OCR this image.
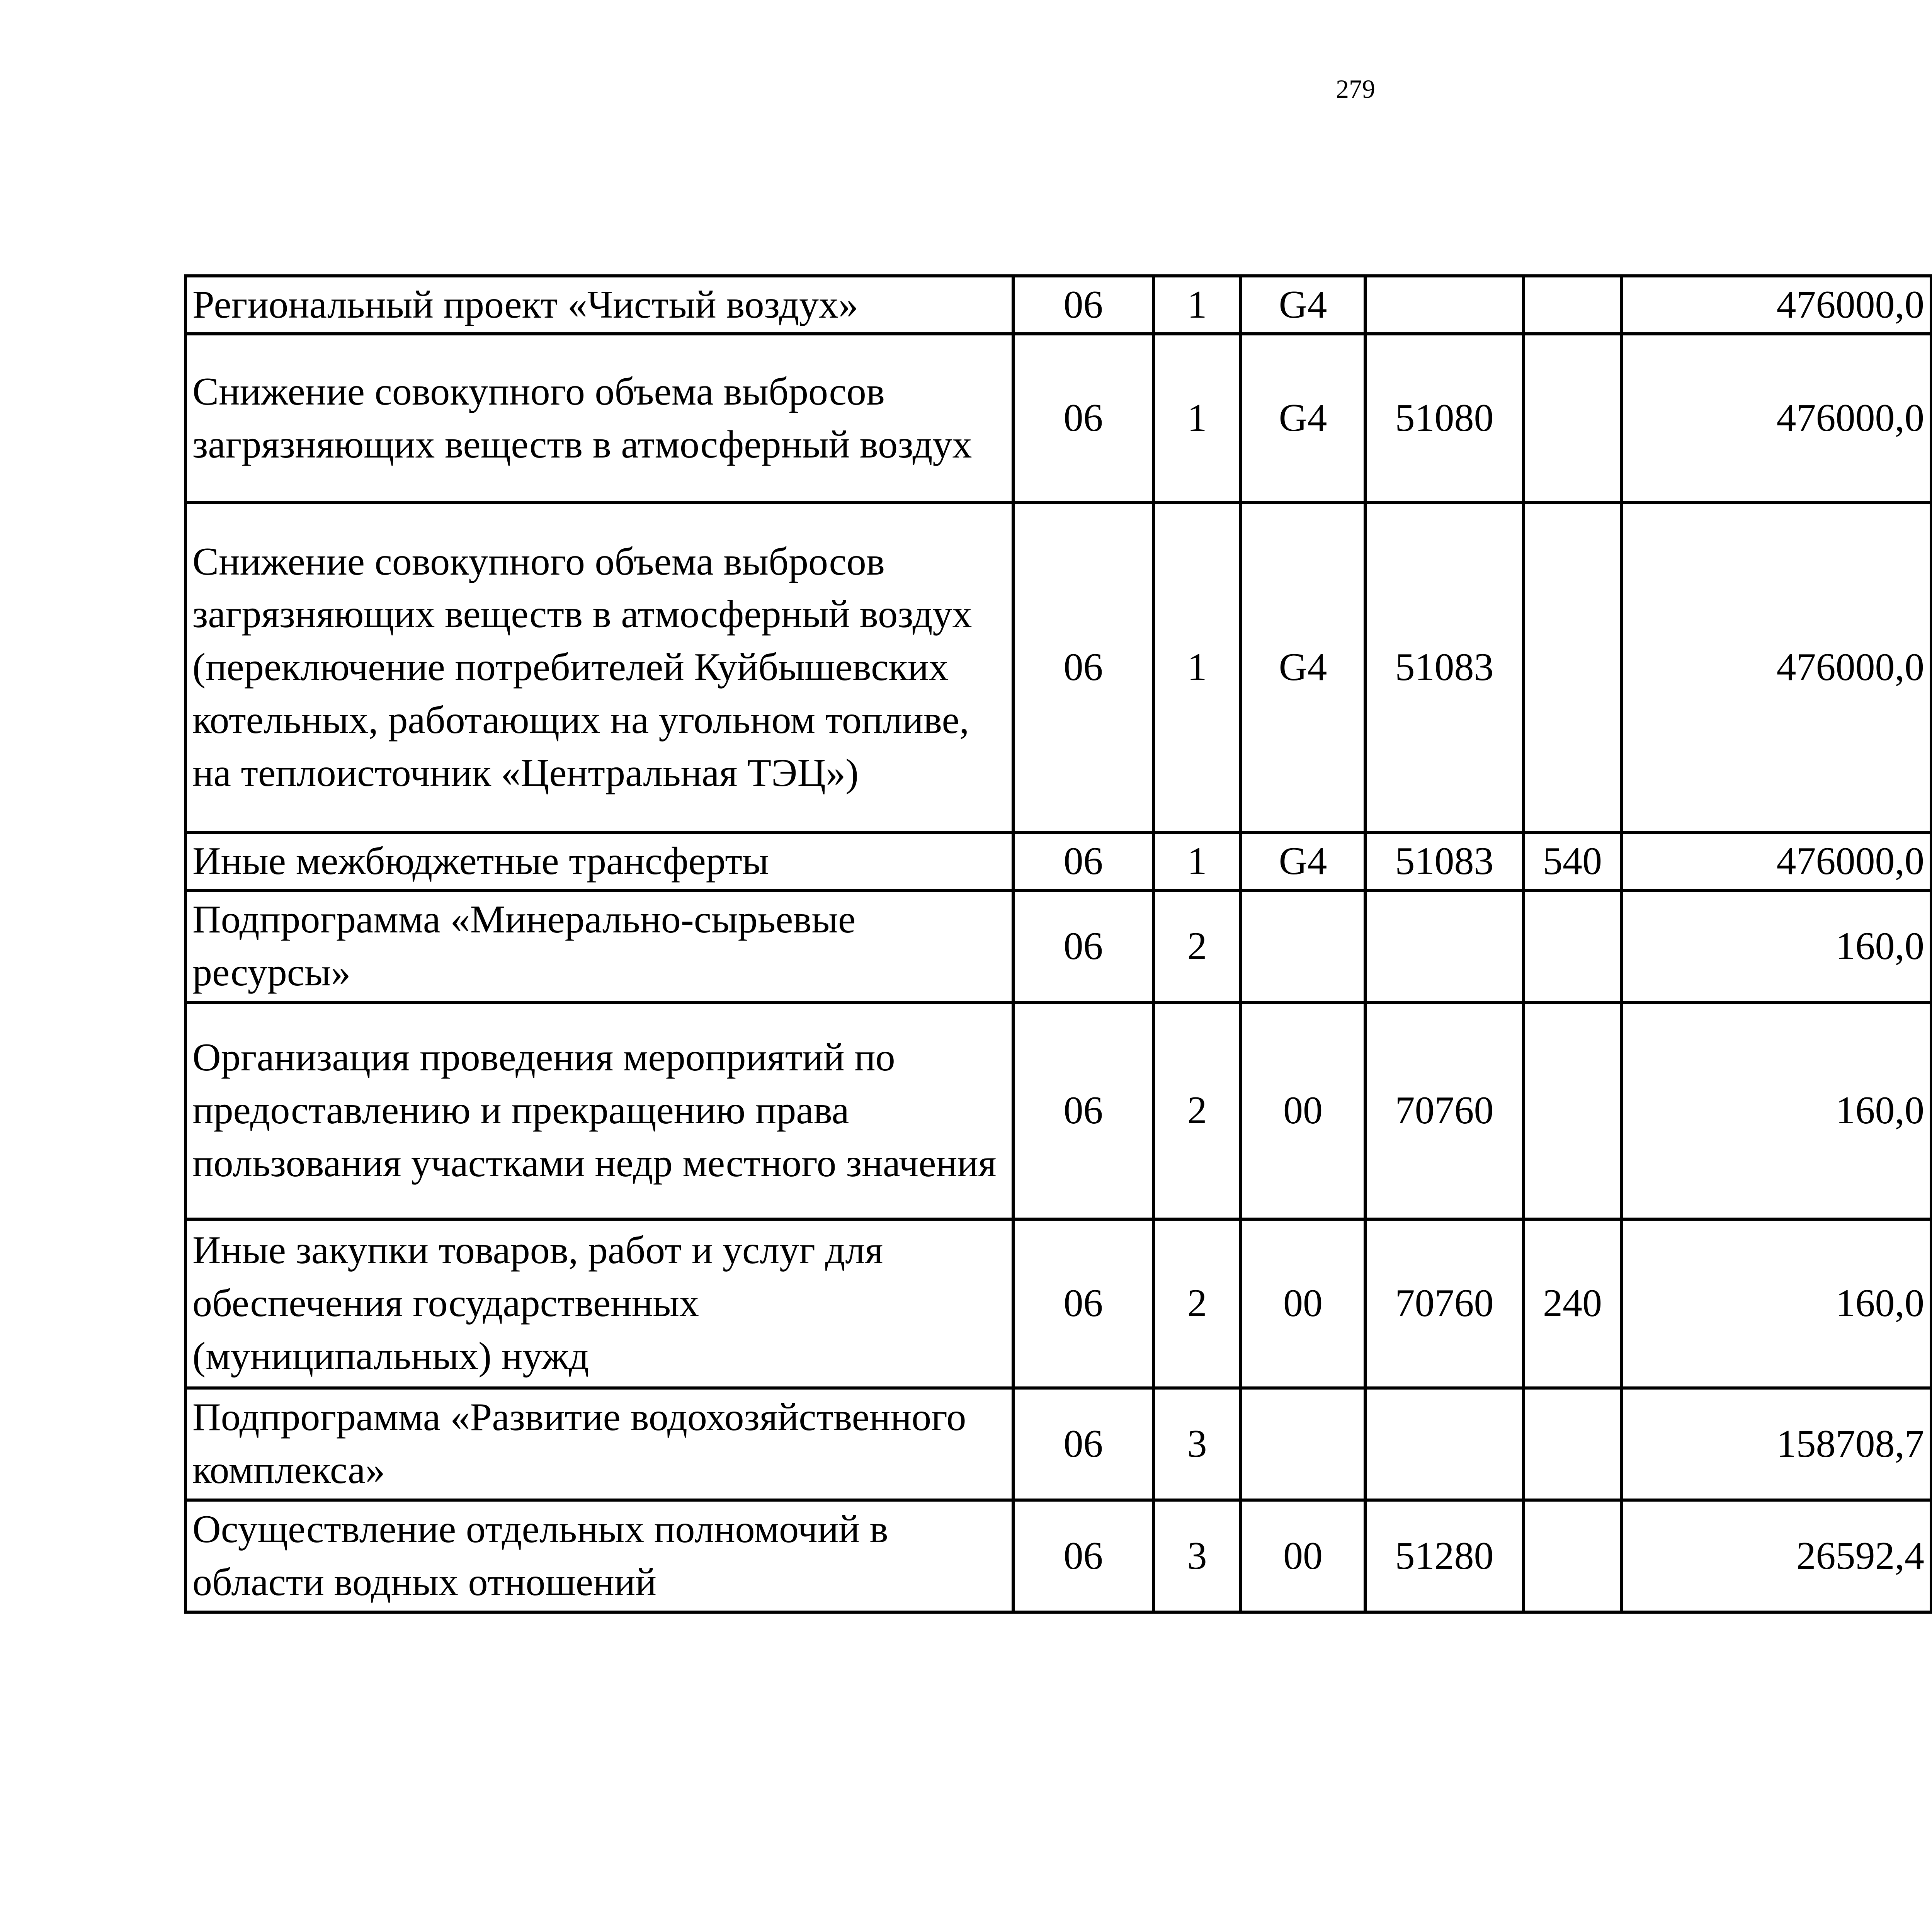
279
Региональный проект «Чистый воздух»	06	1	G4			476000,0		
Снижение совокупного объема выбросов загрязняющих веществ в атмосферный воздух	06	1	G4	51080		476000,0		
Снижение совокупного объема выбросов загрязняющих веществ в атмосферный воздух (переключение потребителей Куйбышевских котельных, работающих на угольном топливе, на теплоисточник «Центральная ТЭЦ»)	06	1	G4	51083		476000,0		
Иные межбюджетные трансферты	06	1	G4	51083	540	476000,0		
Подпрограмма «Минерально-сырьевые ресурсы»	06	2				160,0		
Организация проведения мероприятий по предоставлению и прекращению права пользования участками недр местного значения	06	2	00	70760		160,0		
Иные закупки товаров, работ и услуг для обеспечения государственных (муниципальных) нужд	06	2	00	70760	240	160,0		
Подпрограмма «Развитие водохозяйственного комплекса»	06	3				158708,7		
Осуществление отдельных полномочий в области водных отношений	06	3	00	51280		26592,4		
